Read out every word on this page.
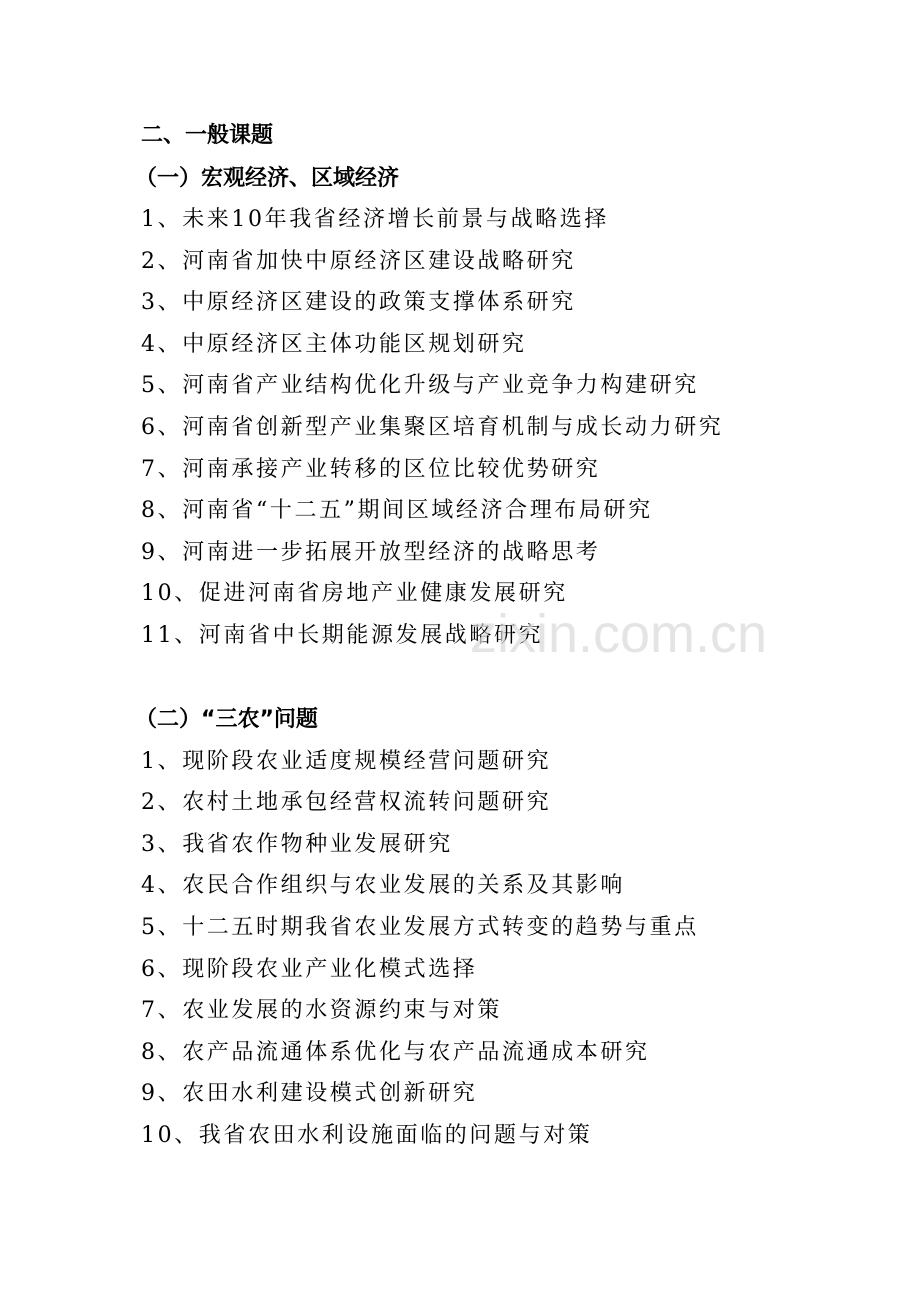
二、一般课题
（一）宏观经济、区域经济
1、未来10年我省经济增长前景与战略选择
2、河南省加快中原经济区建设战略研究
3、中原经济区建设的政策支撑体系研究
4、中原经济区主体功能区规划研究
5、河南省产业结构优化升级与产业竞争力构建研究
6、河南省创新型产业集聚区培育机制与成长动力研究
7、河南承接产业转移的区位比较优势研究
8、河南省“十二五”期间区域经济合理布局研究
9、河南进一步拓展开放型经济的战略思考
10、促进河南省房地产业健康发展研究
11、河南省中长期能源发展战略研究
（二）“三农”问题
1、现阶段农业适度规模经营问题研究
2、农村土地承包经营权流转问题研究
3、我省农作物种业发展研究
4、农民合作组织与农业发展的关系及其影响
5、十二五时期我省农业发展方式转变的趋势与重点
6、现阶段农业产业化模式选择
7、农业发展的水资源约束与对策
8、农产品流通体系优化与农产品流通成本研究
9、农田水利建设模式创新研究
10、我省农田水利设施面临的问题与对策
zixin.com.cn
